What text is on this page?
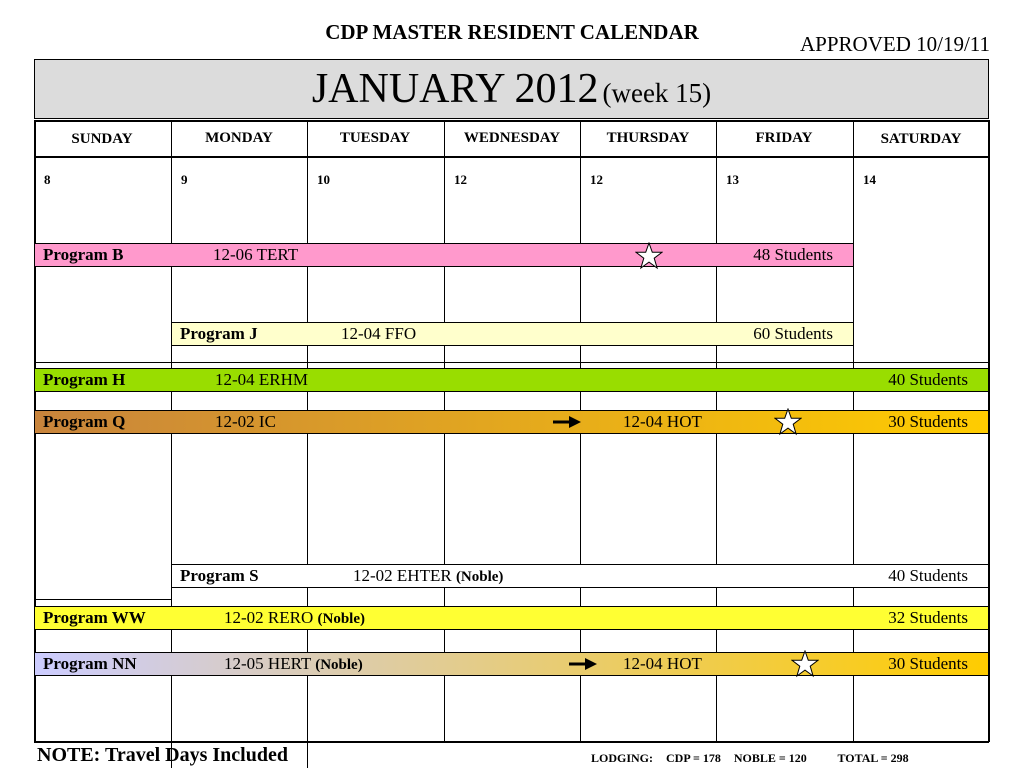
CDP MASTER RESIDENT CALENDAR	APPROVED 10/19/11
JANUARY 2012 (week 15)
SUNDAY	MONDAY	TUESDAY	WEDNESDAY	THURSDAY	FRIDAY	SATURDAY
8	9	10	12	12	13	14
Program B	12-06 TERT	48 Students
Program J	12-04 FFO	60 Students
Program H	12-04 ERHM	40 Students
Program Q	12-02 IC	12-04 HOT	30 Students
Program S	12-02 EHTER (Noble)	40 Students
Program WW	12-02 RERO (Noble)	32 Students
Program NN	12-05 HERT (Noble)	12-04 HOT	30 Students
NOTE: Travel Days Included	LODGING: CDP = 178 NOBLE = 120	TOTAL = 298
